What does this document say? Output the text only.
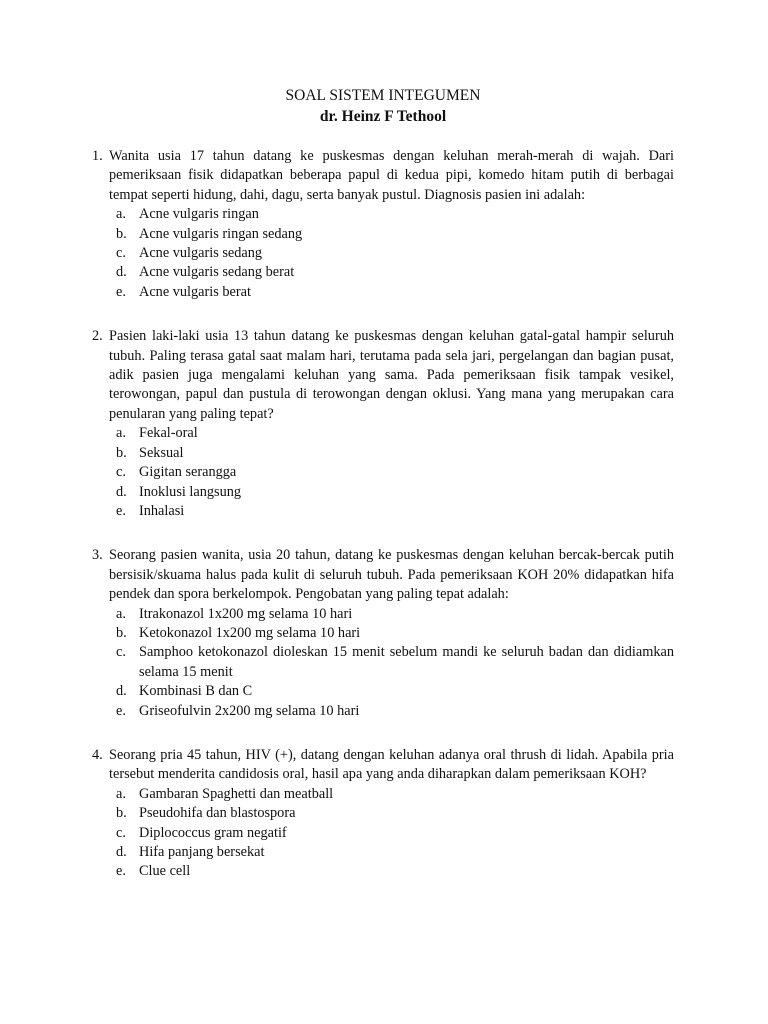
SOAL SISTEM INTEGUMEN
dr. Heinz F Tethool
1. Wanita usia 17 tahun datang ke puskesmas dengan keluhan merah-merah di wajah. Dari pemeriksaan fisik didapatkan beberapa papul di kedua pipi, komedo hitam putih di berbagai tempat seperti hidung, dahi, dagu, serta banyak pustul. Diagnosis pasien ini adalah:

a. Acne vulgaris ringan
b. Acne vulgaris ringan sedang
c. Acne vulgaris sedang
d. Acne vulgaris sedang berat
e. Acne vulgaris berat
2. Pasien laki-laki usia 13 tahun datang ke puskesmas dengan keluhan gatal-gatal hampir seluruh tubuh. Paling terasa gatal saat malam hari, terutama pada sela jari, pergelangan dan bagian pusat, adik pasien juga mengalami keluhan yang sama. Pada pemeriksaan fisik tampak vesikel, terowongan, papul dan pustula di terowongan dengan oklusi. Yang mana yang merupakan cara penularan yang paling tepat?

a. Fekal-oral
b. Seksual
c. Gigitan serangga
d. Inoklusi langsung
e. Inhalasi
3. Seorang pasien wanita, usia 20 tahun, datang ke puskesmas dengan keluhan bercak-bercak putih bersisik/skuama halus pada kulit di seluruh tubuh. Pada pemeriksaan KOH 20% didapatkan hifa pendek dan spora berkelompok. Pengobatan yang paling tepat adalah:

a. Itrakonazol 1x200 mg selama 10 hari
b. Ketokonazol 1x200 mg selama 10 hari
c. Samphoo ketokonazol dioleskan 15 menit sebelum mandi ke seluruh badan dan didiamkan selama 15 menit
d. Kombinasi B dan C
e. Griseofulvin 2x200 mg selama 10 hari
4. Seorang pria 45 tahun, HIV (+), datang dengan keluhan adanya oral thrush di lidah. Apabila pria tersebut menderita candidosis oral, hasil apa yang anda diharapkan dalam pemeriksaan KOH?

a. Gambaran Spaghetti dan meatball
b. Pseudohifa dan blastospora
c. Diplococcus gram negatif
d. Hifa panjang bersekat
e. Clue cell
